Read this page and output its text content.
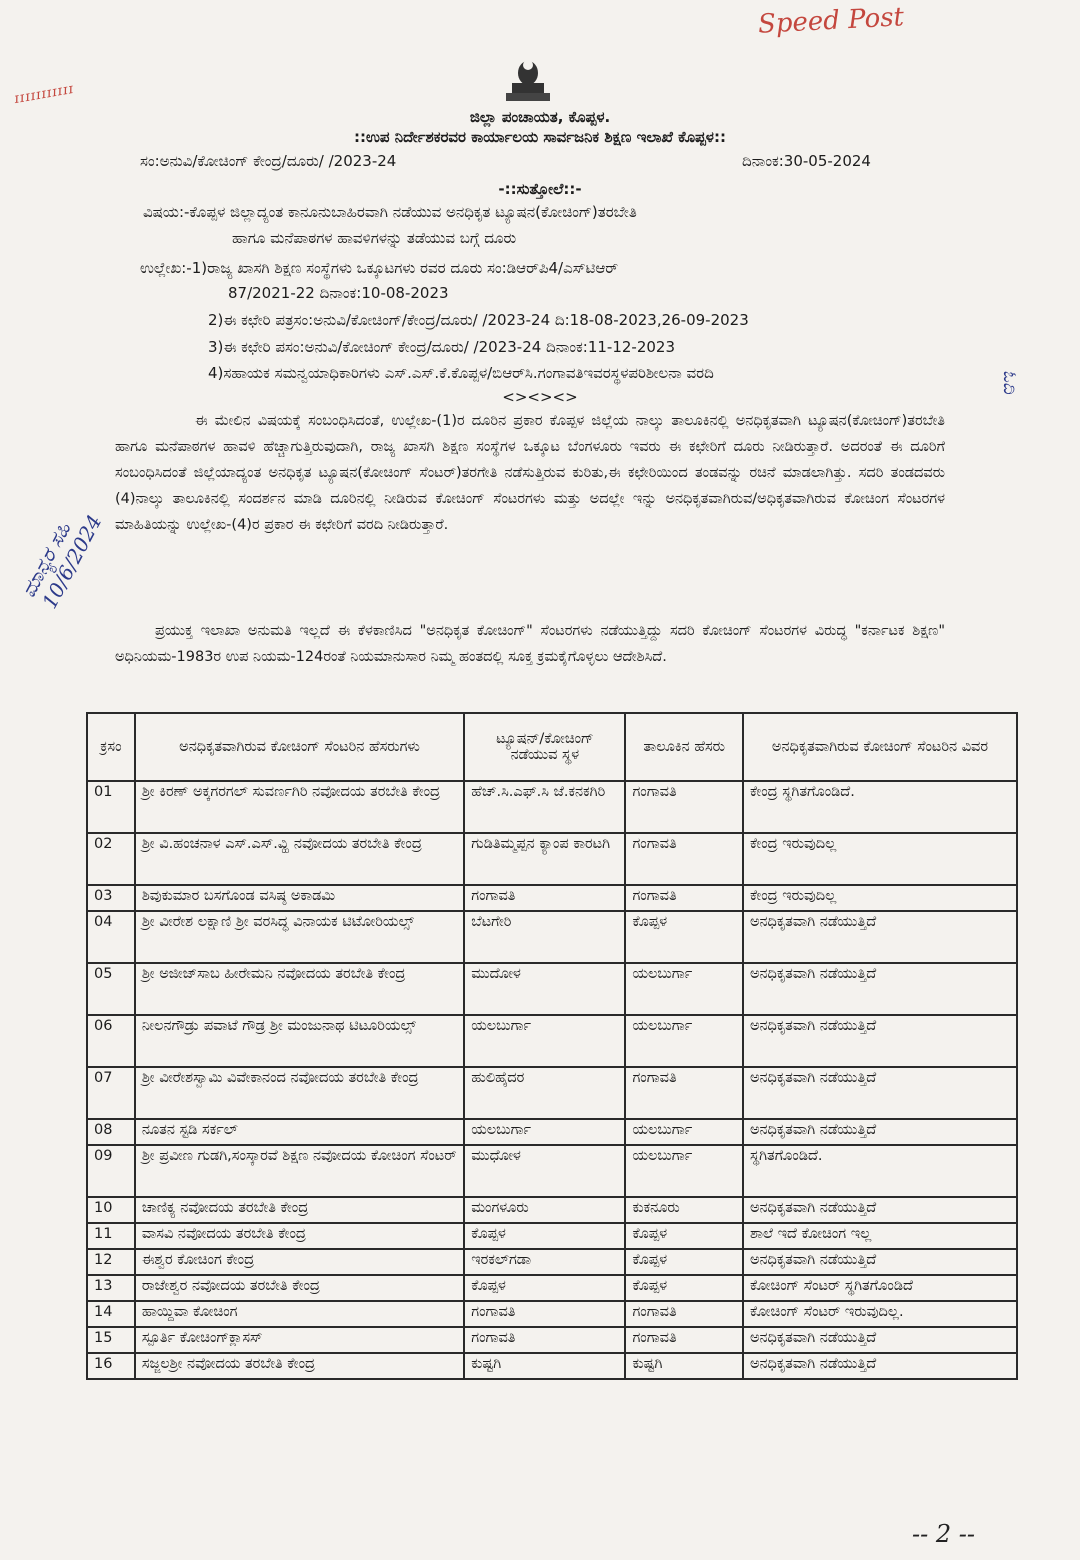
Speed Post
ɪɪɪɪɪɪɪɪɪɪɪ
ಜಿಲ್ಲಾ ಪಂಚಾಯತ, ಕೊಪ್ಪಳ.
::ಉಪ ನಿರ್ದೇಶಕರವರ ಕಾರ್ಯಾಲಯ ಸಾರ್ವಜನಿಕ ಶಿಕ್ಷಣ ಇಲಾಖೆ ಕೊಪ್ಪಳ::
ಸಂ:ಅನುವಿ/ಕೋಚಿಂಗ್ ಕೇಂದ್ರ/ದೂರು/ /2023-24	ದಿನಾಂಕ:30-05-2024
-::ಸುತ್ತೋಲೆ::-
ವಿಷಯ:-ಕೊಪ್ಪಳ ಜಿಲ್ಲಾದ್ಯಂತ ಕಾನೂನುಬಾಹಿರವಾಗಿ ನಡೆಯುವ ಅನಧಿಕೃತ ಟ್ಯೂಷನ(ಕೋಚಿಂಗ್)ತರಬೇತಿ
ಹಾಗೂ ಮನೆಪಾಠಗಳ ಹಾವಳಿಗಳನ್ನು ತಡೆಯುವ ಬಗ್ಗೆ ದೂರು
ಉಲ್ಲೇಖ:-1)ರಾಜ್ಯ ಖಾಸಗಿ ಶಿಕ್ಷಣ ಸಂಸ್ಥೆಗಳು ಒಕ್ಕೂಟಗಳು ರವರ ದೂರು ಸಂ:ಡಿಆರ್‌ಪಿ4/ಎಸ್‌ಟಿಆರ್
87/2021-22 ದಿನಾಂಕ:10-08-2023
2)ಈ ಕಛೇರಿ ಪತ್ರಸಂ:ಅನುವಿ/ಕೋಚಿಂಗ್/ಕೇಂದ್ರ/ದೂರು/ /2023-24 ದಿ:18-08-2023,26-09-2023
3)ಈ ಕಛೇರಿ ಪಸಂ:ಅನುವಿ/ಕೋಚಿಂಗ್ ಕೇಂದ್ರ/ದೂರು/ /2023-24 ದಿನಾಂಕ:11-12-2023
4)ಸಹಾಯಕ ಸಮನ್ವಯಾಧಿಕಾರಿಗಳು ಎಸ್.ಎಸ್.ಕೆ.ಕೊಪ್ಪಳ/ಬಿಆರ್‌ಸಿ.ಗಂಗಾವತಿಇವರಸ್ಥಳಪರಿಶೀಲನಾ ವರದಿ
<><><>
ಈ ಮೇಲಿನ ವಿಷಯಕ್ಕೆ ಸಂಬಂಧಿಸಿದಂತೆ, ಉಲ್ಲೇಖ-(1)ರ ದೂರಿನ ಪ್ರಕಾರ ಕೊಪ್ಪಳ ಜಿಲ್ಲೆಯ ನಾಲ್ಕು ತಾಲೂಕಿನಲ್ಲಿ ಅನಧಿಕೃತವಾಗಿ ಟ್ಯೂಷನ(ಕೋಚಿಂಗ್)ತರಬೇತಿ ಹಾಗೂ ಮನೆಪಾಠಗಳ ಹಾವಳಿ ಹೆಚ್ಚಾಗುತ್ತಿರುವುದಾಗಿ, ರಾಜ್ಯ ಖಾಸಗಿ ಶಿಕ್ಷಣ ಸಂಸ್ಥೆಗಳ ಒಕ್ಕೂಟ ಬೆಂಗಳೂರು ಇವರು ಈ ಕಛೇರಿಗೆ ದೂರು ನೀಡಿರುತ್ತಾರೆ. ಅದರಂತೆ ಈ ದೂರಿಗೆ ಸಂಬಂಧಿಸಿದಂತೆ ಜಿಲ್ಲೆಯಾದ್ಯಂತ ಅನಧಿಕೃತ ಟ್ಯೂಷನ(ಕೋಚಿಂಗ್ ಸೆಂಟರ್)ತರಗೇತಿ ನಡೆಸುತ್ತಿರುವ ಕುರಿತು,ಈ ಕಛೇರಿಯಿಂದ ತಂಡವನ್ನು ರಚಿನೆ ಮಾಡಲಾಗಿತ್ತು. ಸದರಿ ತಂಡದವರು (4)ನಾಲ್ಕು ತಾಲೂಕಿನಲ್ಲಿ ಸಂದರ್ಶನ ಮಾಡಿ ದೂರಿನಲ್ಲಿ ನೀಡಿರುವ ಕೋಚಿಂಗ್ ಸೆಂಟರಗಳು ಮತ್ತು ಅದಲ್ಲೇ ಇನ್ನು ಅನಧಿಕೃತವಾಗಿರುವ/ಅಧಿಕೃತವಾಗಿರುವ ಕೋಚಿಂಗ ಸೆಂಟರಗಳ ಮಾಹಿತಿಯನ್ನು ಉಲ್ಲೇಖ-(4)ರ ಪ್ರಕಾರ ಈ ಕಛೇರಿಗೆ ವರದಿ ನೀಡಿರುತ್ತಾರೆ.
ಪ್ರಯುಕ್ತ ಇಲಾಖಾ ಅನುಮತಿ ಇಲ್ಲದೆ ಈ ಕೆಳಕಾಣಿಸಿದ "ಅನಧಿಕೃತ ಕೋಚಿಂಗ್" ಸೆಂಟರಗಳು ನಡೆಯುತ್ತಿದ್ದು ಸದರಿ ಕೋಚಿಂಗ್ ಸೆಂಟರಗಳ ವಿರುದ್ಧ "ಕರ್ನಾಟಕ ಶಿಕ್ಷಣ" ಅಧಿನಿಯಮ-1983ರ ಉಪ ನಿಯಮ-124ರಂತೆ ನಿಯಮಾನುಸಾರ ನಿಮ್ಮ ಹಂತದಲ್ಲಿ ಸೂಕ್ತ ಕ್ರಮಕೈಗೊಳ್ಳಲು ಆದೇಶಿಸಿದೆ.
ಮಾನ್ಯರ ಸಹಿ 10/6/2024
ಓದಿ
ಕ್ರಸಂ	ಅನಧಿಕೃತವಾಗಿರುವ ಕೋಚಿಂಗ್ ಸೆಂಟರಿನ ಹೆಸರುಗಳು	ಟ್ಯೂಷನ್/ಕೋಚಿಂಗ್ ನಡೆಯುವ ಸ್ಥಳ	ತಾಲೂಕಿನ ಹೆಸರು	ಅನಧಿಕೃತವಾಗಿರುವ ಕೋಚಿಂಗ್ ಸೆಂಟರಿನ ವಿವರ
01	ಶ್ರೀ ಕಿರಣ್ ಅಕ್ಕಗರಗಲ್ ಸುವರ್ಣಗಿರಿ ನವೋದಯ ತರಬೇತಿ ಕೇಂದ್ರ	ಹೆಚ್.ಸಿ.ಎಫ್.ಸಿ ಜೆ.ಕನಕಗಿರಿ	ಗಂಗಾವತಿ	ಕೇಂದ್ರ ಸ್ಥಗಿತಗೊಂಡಿದೆ.
02	ಶ್ರೀ ವಿ.ಹಂಚನಾಳ ಎಸ್.ಎಸ್.ವ್ಹಿ ನವೋದಯ ತರಬೇತಿ ಕೇಂದ್ರ	ಗುಡಿತಿಮ್ಮಪ್ಪನ ಕ್ಯಾಂಪ ಕಾರಟಗಿ	ಗಂಗಾವತಿ	ಕೇಂದ್ರ ಇರುವುದಿಲ್ಲ
03	ಶಿವುಕುಮಾರ ಬಸಗೊಂಡ ವಸಿಷ್ಠ ಅಕಾಡಮಿ	ಗಂಗಾವತಿ	ಗಂಗಾವತಿ	ಕೇಂದ್ರ ಇರುವುದಿಲ್ಲ
04	ಶ್ರೀ ವೀರೇಶ ಲಕ್ಷಾಣಿ ಶ್ರೀ ವರಸಿದ್ಧ ವಿನಾಯಕ ಟಿಟೋರಿಯಲ್ಸ್	ಬೆಟಗೇರಿ	ಕೊಪ್ಪಳ	ಅನಧಿಕೃತವಾಗಿ ನಡೆಯುತ್ತಿದೆ
05	ಶ್ರೀ ಅಜೀಜ್‌ಸಾಬ ಹೀರೇಮನಿ ನವೋದಯ ತರಬೇತಿ ಕೇಂದ್ರ	ಮುದೋಳ	ಯಲಬುರ್ಗಾ	ಅನಧಿಕೃತವಾಗಿ ನಡೆಯುತ್ತಿದೆ
06	ನೀಲನಗೌಡ್ರು ಪವಾಟೆ ಗೌಡ್ರ ಶ್ರೀ ಮಂಜುನಾಥ ಟಿಟೂರಿಯಲ್ಸ್	ಯಲಬುರ್ಗಾ	ಯಲಬುರ್ಗಾ	ಅನಧಿಕೃತವಾಗಿ ನಡೆಯುತ್ತಿದೆ
07	ಶ್ರೀ ವೀರೇಶಸ್ವಾಮಿ ವಿವೇಕಾನಂದ ನವೋದಯ ತರಬೇತಿ ಕೇಂದ್ರ	ಹುಲಿಹೈದರ	ಗಂಗಾವತಿ	ಅನಧಿಕೃತವಾಗಿ ನಡೆಯುತ್ತಿದೆ
08	ನೂತನ ಸ್ಟಡಿ ಸರ್ಕಲ್	ಯಲಬುರ್ಗಾ	ಯಲಬುರ್ಗಾ	ಅನಧಿಕೃತವಾಗಿ ನಡೆಯುತ್ತಿದೆ
09	ಶ್ರೀ ಪ್ರವೀಣ ಗುಡಗಿ,ಸಂಸ್ಕಾರವೆ ಶಿಕ್ಷಣ ನವೋದಯ ಕೋಚಿಂಗ ಸೆಂಟರ್	ಮುಧೋಳ	ಯಲಬುರ್ಗಾ	ಸ್ಥಗಿತಗೊಂಡಿದೆ.
10	ಚಾಣಿಕ್ಯ ನವೋದಯ ತರಬೇತಿ ಕೇಂದ್ರ	ಮಂಗಳೂರು	ಕುಕನೂರು	ಅನಧಿಕೃತವಾಗಿ ನಡೆಯುತ್ತಿದೆ
11	ವಾಸವಿ ನವೋದಯ ತರಬೇತಿ ಕೇಂದ್ರ	ಕೊಪ್ಪಳ	ಕೊಪ್ಪಳ	ಶಾಲೆ ಇದೆ ಕೋಚಿಂಗ ಇಲ್ಲ
12	ಈಶ್ವರ ಕೋಚಿಂಗ ಕೇಂದ್ರ	ಇರಕಲ್‌ಗಡಾ	ಕೊಪ್ಪಳ	ಅನಧಿಕೃತವಾಗಿ ನಡೆಯುತ್ತಿದೆ
13	ರಾಜೇಶ್ವರ ನವೋದಯ ತರಬೇತಿ ಕೇಂದ್ರ	ಕೊಪ್ಪಳ	ಕೊಪ್ಪಳ	ಕೋಚಿಂಗ್ ಸೆಂಟರ್ ಸ್ಥಗಿತಗೊಂಡಿದೆ
14	ಹಾಯ್ದಿವಾ ಕೋಚಿಂಗ	ಗಂಗಾವತಿ	ಗಂಗಾವತಿ	ಕೋಚಿಂಗ್ ಸೆಂಟರ್ ಇರುವುದಿಲ್ಲ.
15	ಸ್ಪೂರ್ತಿ ಕೋಚಿಂಗ್‌ಕ್ಲಾಸಸ್	ಗಂಗಾವತಿ	ಗಂಗಾವತಿ	ಅನಧಿಕೃತವಾಗಿ ನಡೆಯುತ್ತಿದೆ
16	ಸಜ್ಜಲಶ್ರೀ ನವೋದಯ ತರಬೇತಿ ಕೇಂದ್ರ	ಕುಷ್ಟಗಿ	ಕುಷ್ಟಗಿ	ಅನಧಿಕೃತವಾಗಿ ನಡೆಯುತ್ತಿದೆ
-- 2 --
